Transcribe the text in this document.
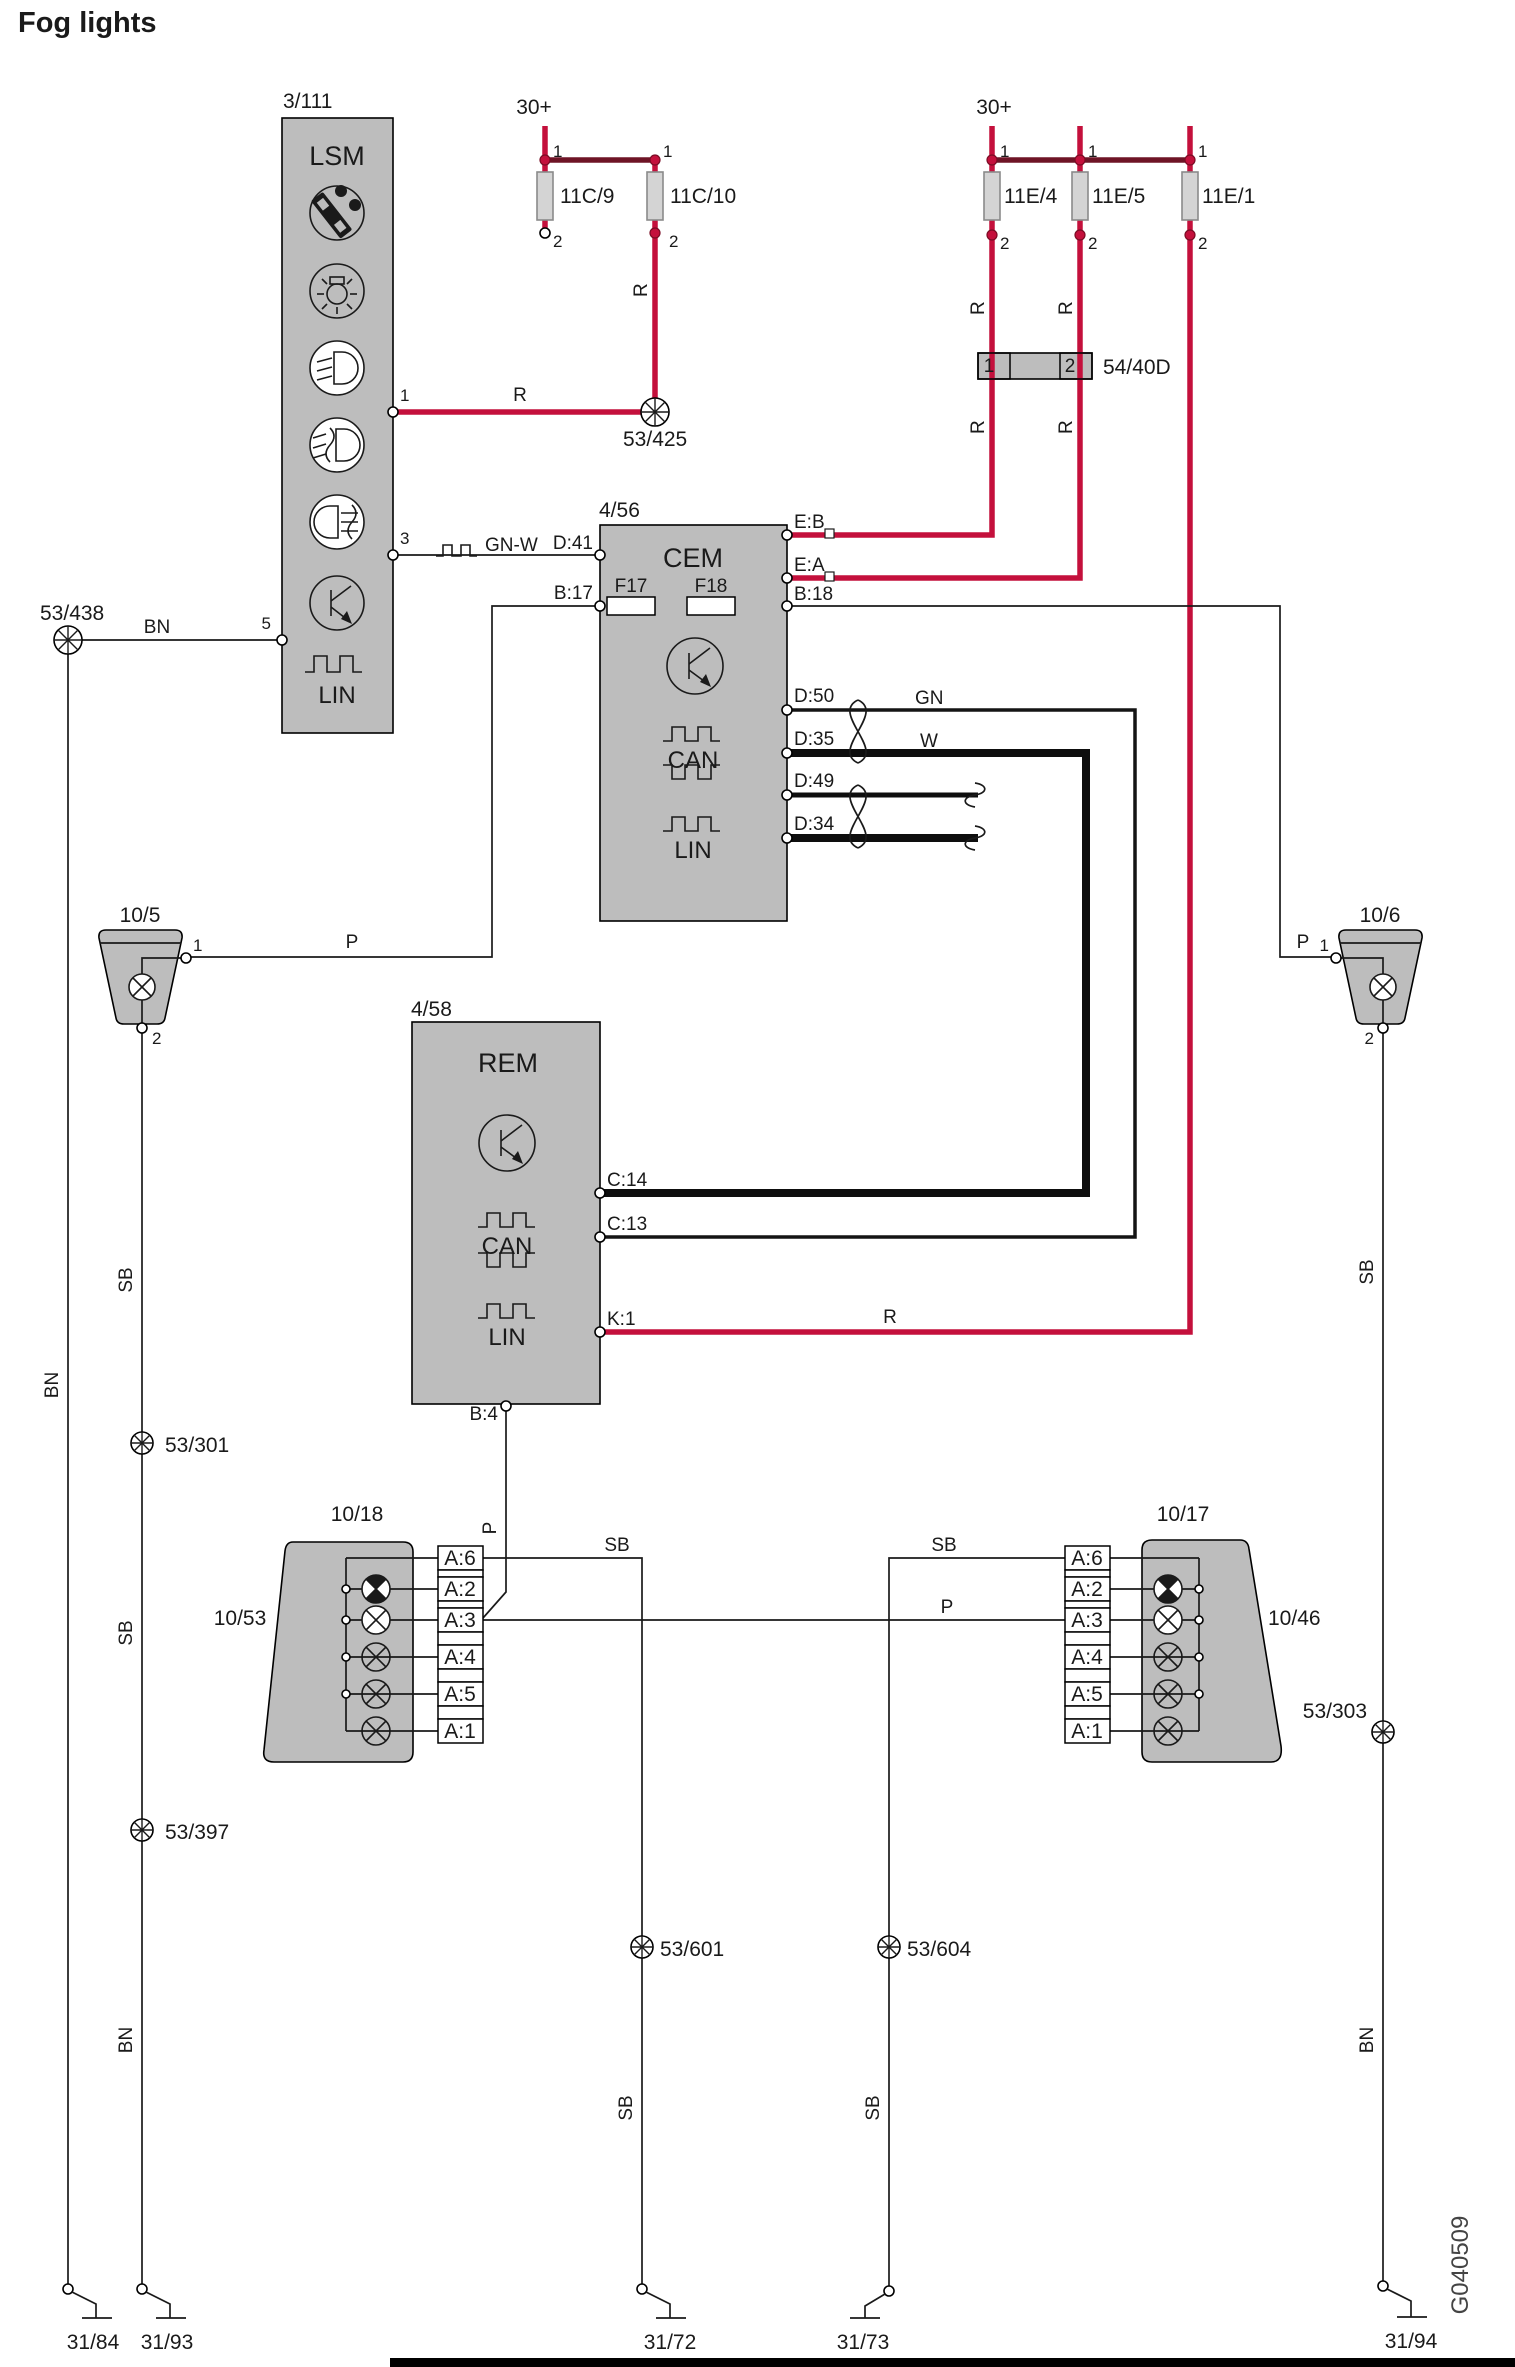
Fog lights
3/111
LSM
LIN
1
3
5
30+	30+
1
2
11C/9
1
2
11C/10
1
2
11E/4
1
2
11E/5
1
2
11E/1
1	2 54/40D
R
R
R	R
R	R
R
BN
53/438
53/425
4/56
CEM
F17 F18
CAN
LIN
D:41
B:17
E:B
E:A
B:18
D:50
D:35
D:49
D:34
GN-W
GN
W
4/58
REM
CAN
LIN
C:14
C:13
K:1
B:4
10/5
1
2
10/6
1
2
P	P
10/18	10/17
10/53	10/46
53/303
A:6
A:2
A:3
A:4
A:5
A:1
A:6
A:2
A:3
A:4
A:5
A:1
SB	SB
P
P
53/301
53/397
53/601	53/604
BN
SB
SB
BN
SB	SB
SB
BN
31/84 31/93	31/72	31/73	31/94
G040509
